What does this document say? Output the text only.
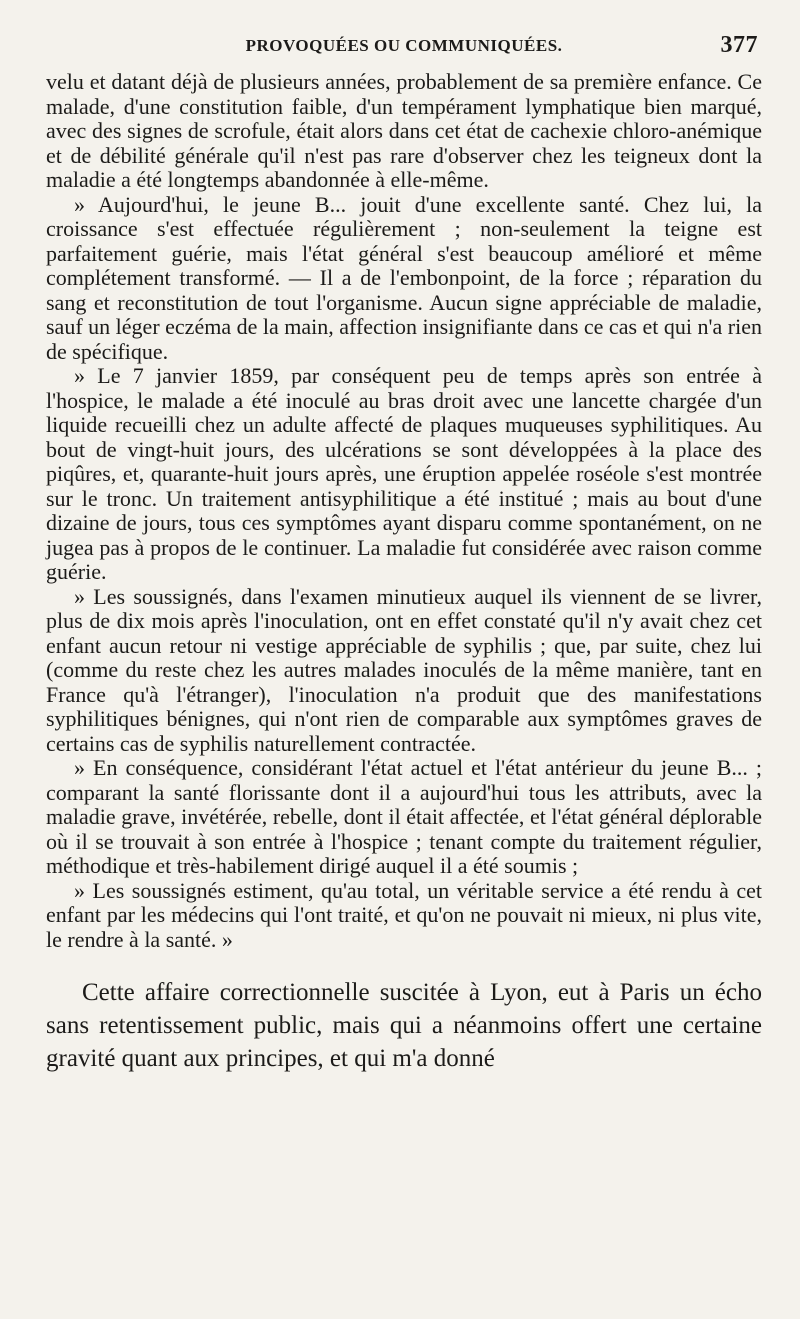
PROVOQUÉES OU COMMUNIQUÉES.	377

velu et datant déjà de plusieurs années, probablement de sa première enfance. Ce malade, d'une constitution faible, d'un tempérament lymphatique bien marqué, avec des signes de scrofule, était alors dans cet état de cachexie chloro-anémique et de débilité générale qu'il n'est pas rare d'observer chez les teigneux dont la maladie a été longtemps abandonnée à elle-même.

» Aujourd'hui, le jeune B... jouit d'une excellente santé. Chez lui, la croissance s'est effectuée régulièrement ; non-seulement la teigne est parfaitement guérie, mais l'état général s'est beaucoup amélioré et même complétement transformé. — Il a de l'embonpoint, de la force ; réparation du sang et reconstitution de tout l'organisme. Aucun signe appréciable de maladie, sauf un léger eczéma de la main, affection insignifiante dans ce cas et qui n'a rien de spécifique.

» Le 7 janvier 1859, par conséquent peu de temps après son entrée à l'hospice, le malade a été inoculé au bras droit avec une lancette chargée d'un liquide recueilli chez un adulte affecté de plaques muqueuses syphilitiques. Au bout de vingt-huit jours, des ulcérations se sont développées à la place des piqûres, et, quarante-huit jours après, une éruption appelée roséole s'est montrée sur le tronc. Un traitement antisyphilitique a été institué ; mais au bout d'une dizaine de jours, tous ces symptômes ayant disparu comme spontanément, on ne jugea pas à propos de le continuer. La maladie fut considérée avec raison comme guérie.

» Les soussignés, dans l'examen minutieux auquel ils viennent de se livrer, plus de dix mois après l'inoculation, ont en effet constaté qu'il n'y avait chez cet enfant aucun retour ni vestige appréciable de syphilis ; que, par suite, chez lui (comme du reste chez les autres malades inoculés de la même manière, tant en France qu'à l'étranger), l'inoculation n'a produit que des manifestations syphilitiques bénignes, qui n'ont rien de comparable aux symptômes graves de certains cas de syphilis naturellement contractée.

» En conséquence, considérant l'état actuel et l'état antérieur du jeune B... ; comparant la santé florissante dont il a aujourd'hui tous les attributs, avec la maladie grave, invétérée, rebelle, dont il était affectée, et l'état général déplorable où il se trouvait à son entrée à l'hospice ; tenant compte du traitement régulier, méthodique et très-habilement dirigé auquel il a été soumis ;

» Les soussignés estiment, qu'au total, un véritable service a été rendu à cet enfant par les médecins qui l'ont traité, et qu'on ne pouvait ni mieux, ni plus vite, le rendre à la santé. »

Cette affaire correctionnelle suscitée à Lyon, eut à Paris un écho sans retentissement public, mais qui a néanmoins offert une certaine gravité quant aux principes, et qui m'a donné
